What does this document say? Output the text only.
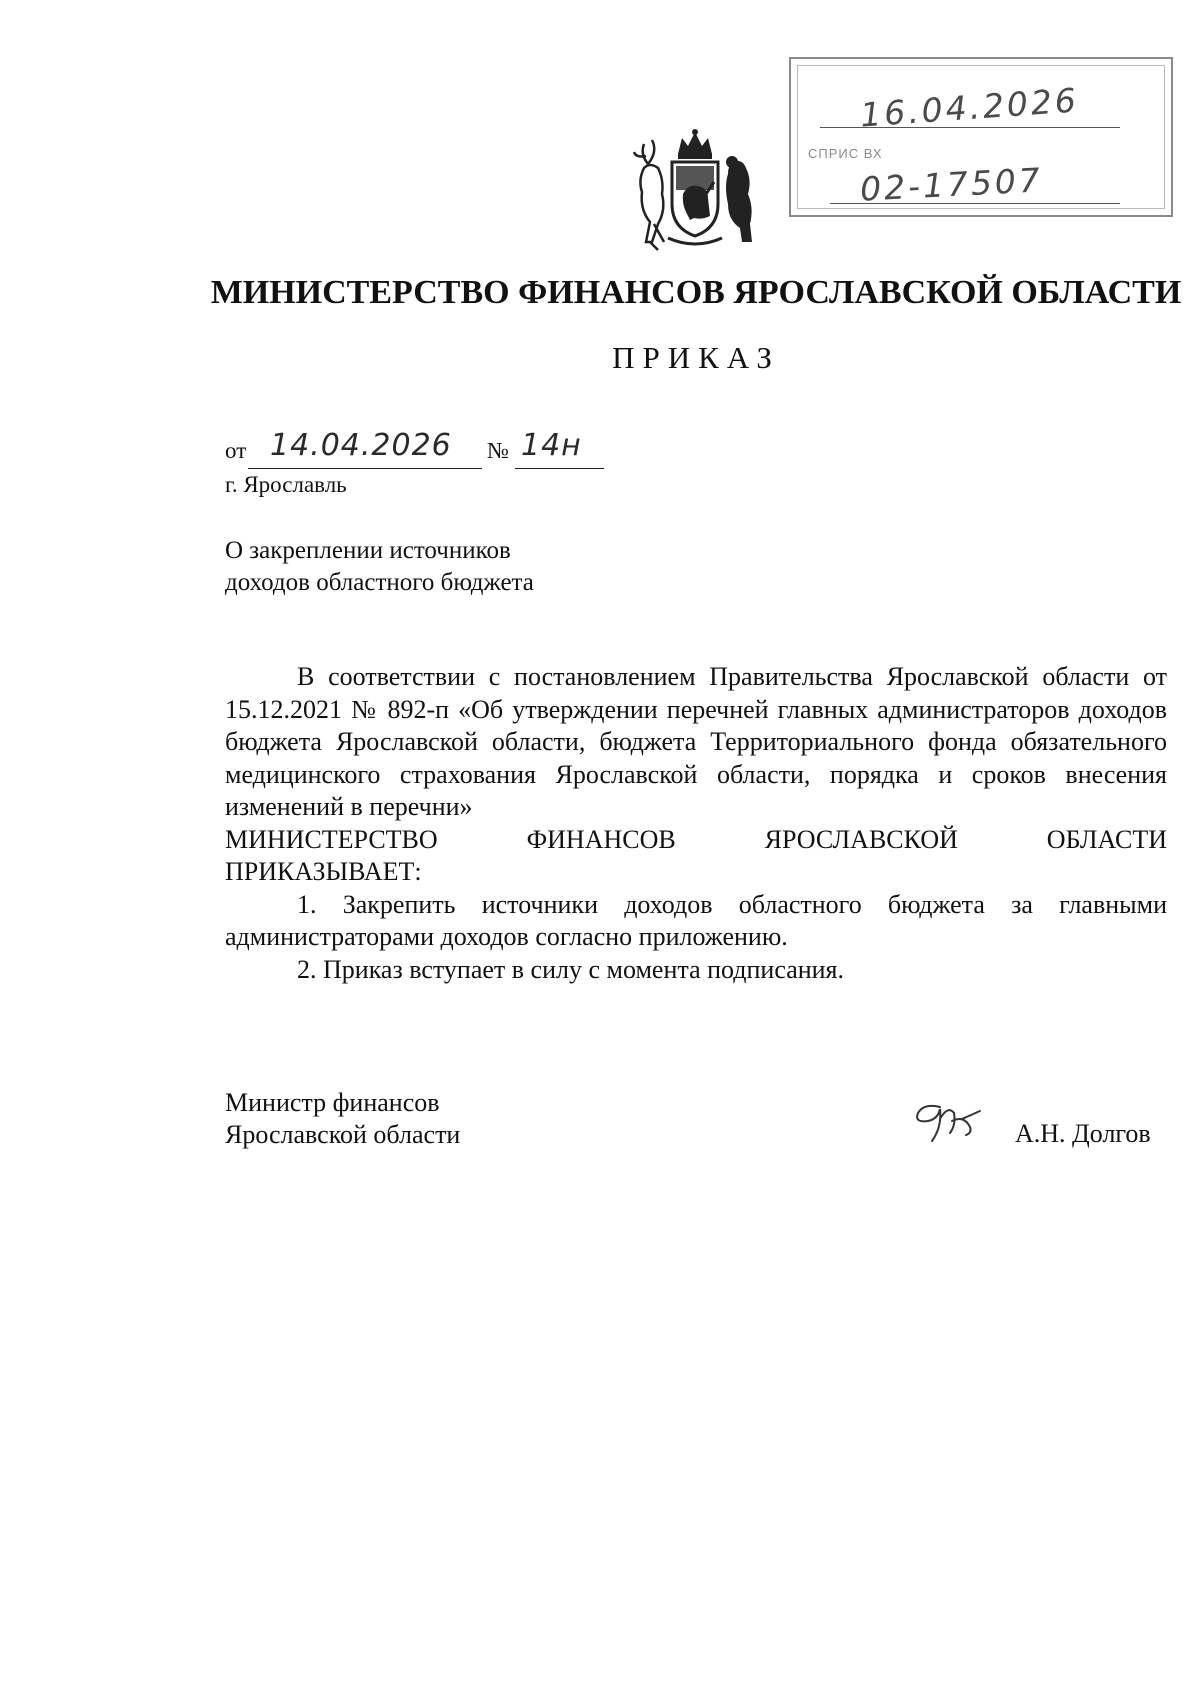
16.04.2026
СПРИС ВХ
02-17507
МИНИСТЕРСТВО ФИНАНСОВ ЯРОСЛАВСКОЙ ОБЛАСТИ
ПРИКАЗ
от 14.04.2026 № 14н
г. Ярославль
О закреплении источников
доходов областного бюджета

В соответствии с постановлением Правительства Ярославской области от 15.12.2021 № 892-п «Об утверждении перечней главных администраторов доходов бюджета Ярославской области, бюджета Территориального фонда обязательного медицинского страхования Ярославской области, порядка и сроков внесения изменений в перечни»

МИНИСТЕРСТВО	ФИНАНСОВ	ЯРОСЛАВСКОЙ	ОБЛАСТИ

ПРИКАЗЫВАЕТ:

1. Закрепить источники доходов областного бюджета за главными администраторами доходов согласно приложению.

2. Приказ вступает в силу с момента подписания.

Министр финансов
Ярославской области	А.Н. Долгов
